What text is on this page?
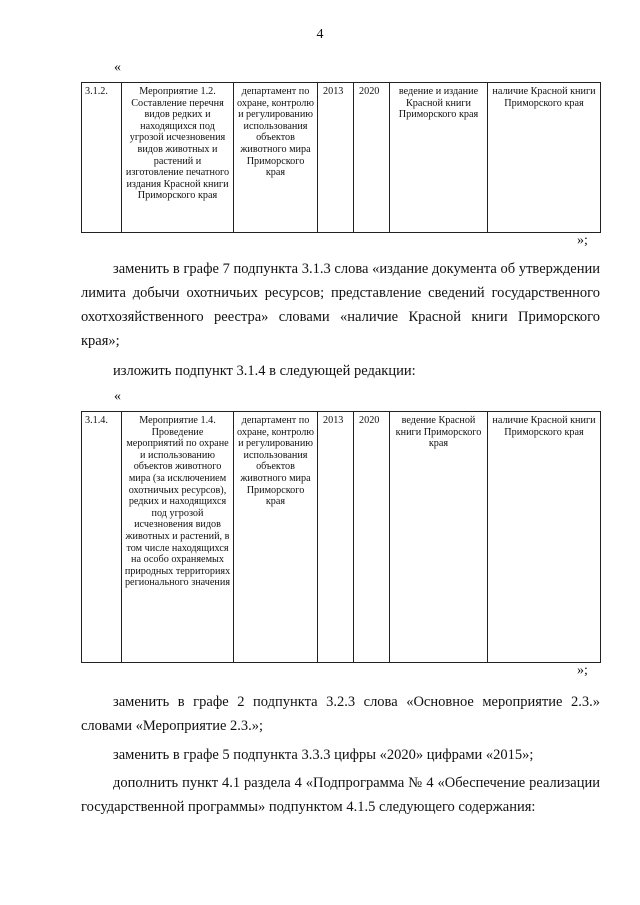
4
«
3.1.2.	Мероприятие 1.2. Составление перечня видов редких и находящихся под угрозой исчезновения видов животных и растений и изготовление печатного издания Красной книги Приморского края	департамент по охране, контролю и регулированию использования объектов животного мира Приморского края	2013	2020	ведение и издание Красной книги Приморского края	наличие Красной книги Приморского края
»;
заменить в графе 7 подпункта 3.1.3 слова «издание документа об утверждении лимита добычи охотничьих ресурсов; представление сведений государственного охотхозяйственного реестра» словами «наличие Красной книги Приморского края»;
изложить подпункт 3.1.4 в следующей редакции:
«
3.1.4.	Мероприятие 1.4. Проведение мероприятий по охране и использованию объектов животного мира (за исключением охотничьих ресурсов), редких и находящихся под угрозой исчезновения видов животных и растений, в том числе находящихся на особо охраняемых природных территориях регионального значения	департамент по охране, контролю и регулированию использования объектов животного мира Приморского края	2013	2020	ведение Красной книги Приморского края	наличие Красной книги Приморского края
»;
заменить в графе 2 подпункта 3.2.3 слова «Основное мероприятие 2.3.» словами «Мероприятие 2.3.»;
заменить в графе 5 подпункта 3.3.3 цифры «2020» цифрами «2015»;
дополнить пункт 4.1 раздела 4 «Подпрограмма № 4 «Обеспечение реализации государственной программы» подпунктом 4.1.5 следующего содержания:
